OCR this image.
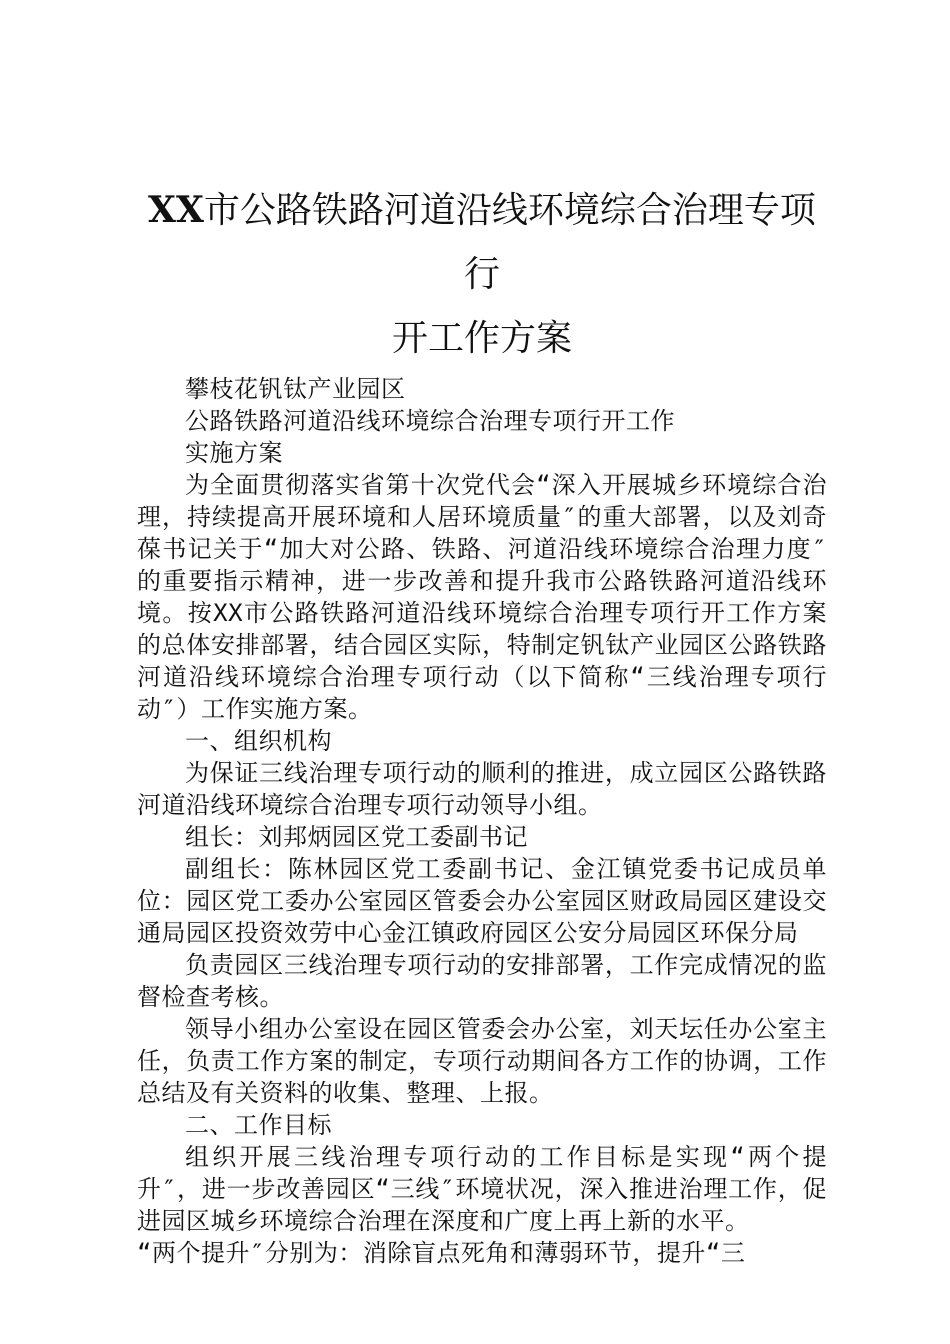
XX市公路铁路河道沿线环境综合治理专项行
开工作方案

攀枝花钒钛产业园区

公路铁路河道沿线环境综合治理专项行开工作

实施方案

为全面贯彻落实省第十次党代会“深入开展城乡环境综合治理，持续提高开展环境和人居环境质量″的重大部署，以及刘奇葆书记关于“加大对公路、铁路、河道沿线环境综合治理力度″的重要指示精神，进一步改善和提升我市公路铁路河道沿线环境。按XX市公路铁路河道沿线环境综合治理专项行开工作方案的总体安排部署，结合园区实际，特制定钒钛产业园区公路铁路河道沿线环境综合治理专项行动（以下简称“三线治理专项行动″）工作实施方案。

一、组织机构

为保证三线治理专项行动的顺利的推进，成立园区公路铁路河道沿线环境综合治理专项行动领导小组。

组长：刘邦炳园区党工委副书记

副组长：陈林园区党工委副书记、金江镇党委书记成员单位：园区党工委办公室园区管委会办公室园区财政局园区建设交通局园区投资效劳中心金江镇政府园区公安分局园区环保分局

负责园区三线治理专项行动的安排部署，工作完成情况的监督检查考核。

领导小组办公室设在园区管委会办公室，刘天坛任办公室主任，负责工作方案的制定，专项行动期间各方工作的协调，工作总结及有关资料的收集、整理、上报。

二、工作目标

组织开展三线治理专项行动的工作目标是实现“两个提升″，进一步改善园区“三线″环境状况，深入推进治理工作，促进园区城乡环境综合治理在深度和广度上再上新的水平。

“两个提升″分别为：消除盲点死角和薄弱环节，提升“三
